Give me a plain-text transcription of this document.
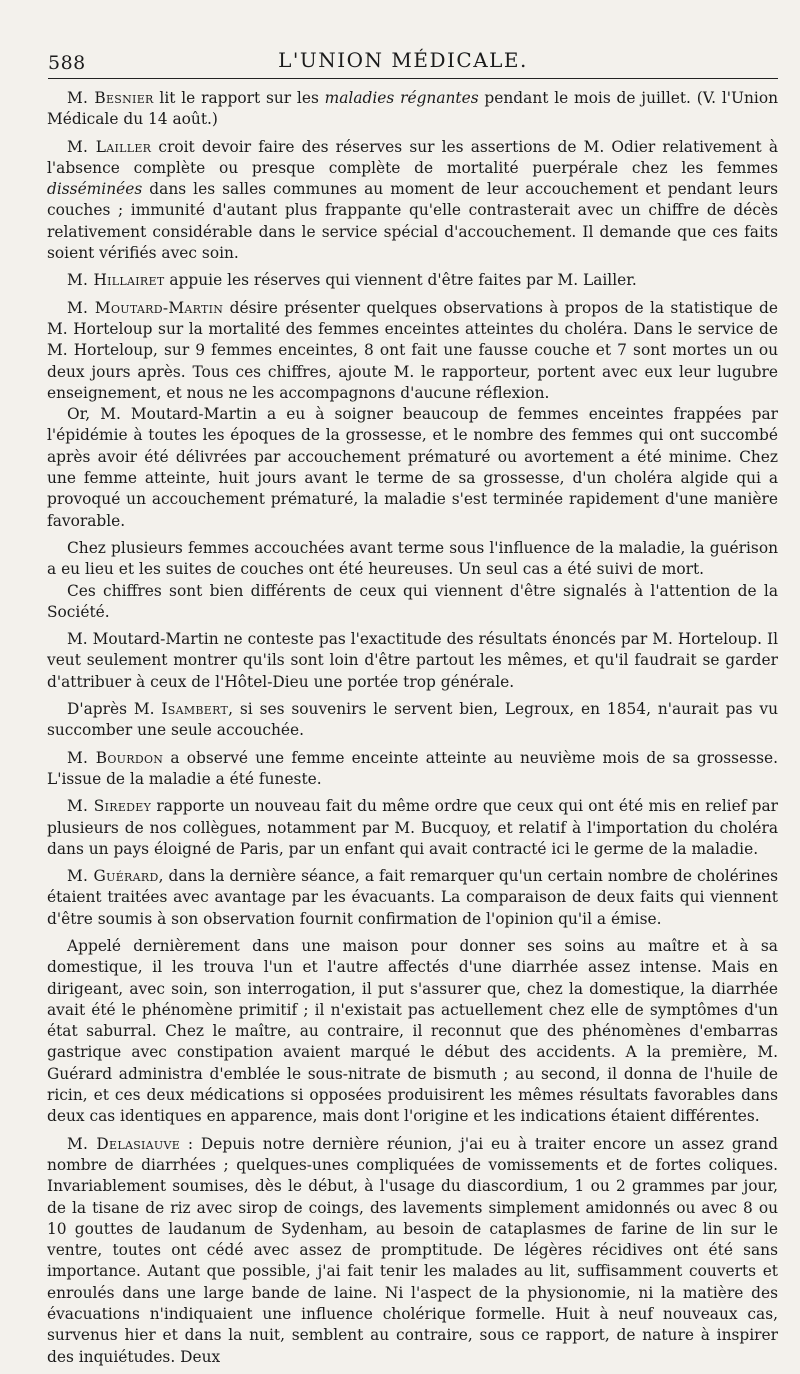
588	L'UNION MÉDICALE.

M. Besnier lit le rapport sur les maladies régnantes pendant le mois de juillet. (V. l'Union Médicale du 14 août.)

M. Lailler croit devoir faire des réserves sur les assertions de M. Odier relativement à l'absence complète ou presque complète de mortalité puerpérale chez les femmes disséminées dans les salles communes au moment de leur accouchement et pendant leurs couches ; immunité d'autant plus frappante qu'elle contrasterait avec un chiffre de décès relativement considérable dans le service spécial d'accouchement. Il demande que ces faits soient vérifiés avec soin.

M. Hillairet appuie les réserves qui viennent d'être faites par M. Lailler.

M. Moutard-Martin désire présenter quelques observations à propos de la statistique de M. Horteloup sur la mortalité des femmes enceintes atteintes du choléra. Dans le service de M. Horteloup, sur 9 femmes enceintes, 8 ont fait une fausse couche et 7 sont mortes un ou deux jours après. Tous ces chiffres, ajoute M. le rapporteur, portent avec eux leur lugubre enseignement, et nous ne les accompagnons d'aucune réflexion.

Or, M. Moutard-Martin a eu à soigner beaucoup de femmes enceintes frappées par l'épidémie à toutes les époques de la grossesse, et le nombre des femmes qui ont succombé après avoir été délivrées par accouchement prématuré ou avortement a été minime. Chez une femme atteinte, huit jours avant le terme de sa grossesse, d'un choléra algide qui a provoqué un accouchement prématuré, la maladie s'est terminée rapidement d'une manière favorable.

Chez plusieurs femmes accouchées avant terme sous l'influence de la maladie, la guérison a eu lieu et les suites de couches ont été heureuses. Un seul cas a été suivi de mort.

Ces chiffres sont bien différents de ceux qui viennent d'être signalés à l'attention de la Société.

M. Moutard-Martin ne conteste pas l'exactitude des résultats énoncés par M. Horteloup. Il veut seulement montrer qu'ils sont loin d'être partout les mêmes, et qu'il faudrait se garder d'attribuer à ceux de l'Hôtel-Dieu une portée trop générale.

D'après M. Isambert, si ses souvenirs le servent bien, Legroux, en 1854, n'aurait pas vu succomber une seule accouchée.

M. Bourdon a observé une femme enceinte atteinte au neuvième mois de sa grossesse. L'issue de la maladie a été funeste.

M. Siredey rapporte un nouveau fait du même ordre que ceux qui ont été mis en relief par plusieurs de nos collègues, notamment par M. Bucquoy, et relatif à l'importation du choléra dans un pays éloigné de Paris, par un enfant qui avait contracté ici le germe de la maladie.

M. Guérard, dans la dernière séance, a fait remarquer qu'un certain nombre de cholérines étaient traitées avec avantage par les évacuants. La comparaison de deux faits qui viennent d'être soumis à son observation fournit confirmation de l'opinion qu'il a émise.

Appelé dernièrement dans une maison pour donner ses soins au maître et à sa domestique, il les trouva l'un et l'autre affectés d'une diarrhée assez intense. Mais en dirigeant, avec soin, son interrogation, il put s'assurer que, chez la domestique, la diarrhée avait été le phénomène primitif ; il n'existait pas actuellement chez elle de symptômes d'un état saburral. Chez le maître, au contraire, il reconnut que des phénomènes d'embarras gastrique avec constipation avaient marqué le début des accidents. A la première, M. Guérard administra d'emblée le sous-nitrate de bismuth ; au second, il donna de l'huile de ricin, et ces deux médications si opposées produisirent les mêmes résultats favorables dans deux cas identiques en apparence, mais dont l'origine et les indications étaient différentes.

M. Delasiauve : Depuis notre dernière réunion, j'ai eu à traiter encore un assez grand nombre de diarrhées ; quelques-unes compliquées de vomissements et de fortes coliques. Invariablement soumises, dès le début, à l'usage du diascordium, 1 ou 2 grammes par jour, de la tisane de riz avec sirop de coings, des lavements simplement amidonnés ou avec 8 ou 10 gouttes de laudanum de Sydenham, au besoin de cataplasmes de farine de lin sur le ventre, toutes ont cédé avec assez de promptitude. De légères récidives ont été sans importance. Autant que possible, j'ai fait tenir les malades au lit, suffisamment couverts et enroulés dans une large bande de laine. Ni l'aspect de la physionomie, ni la matière des évacuations n'indiquaient une influence cholérique formelle. Huit à neuf nouveaux cas, survenus hier et dans la nuit, semblent au contraire, sous ce rapport, de nature à inspirer des inquiétudes. Deux
